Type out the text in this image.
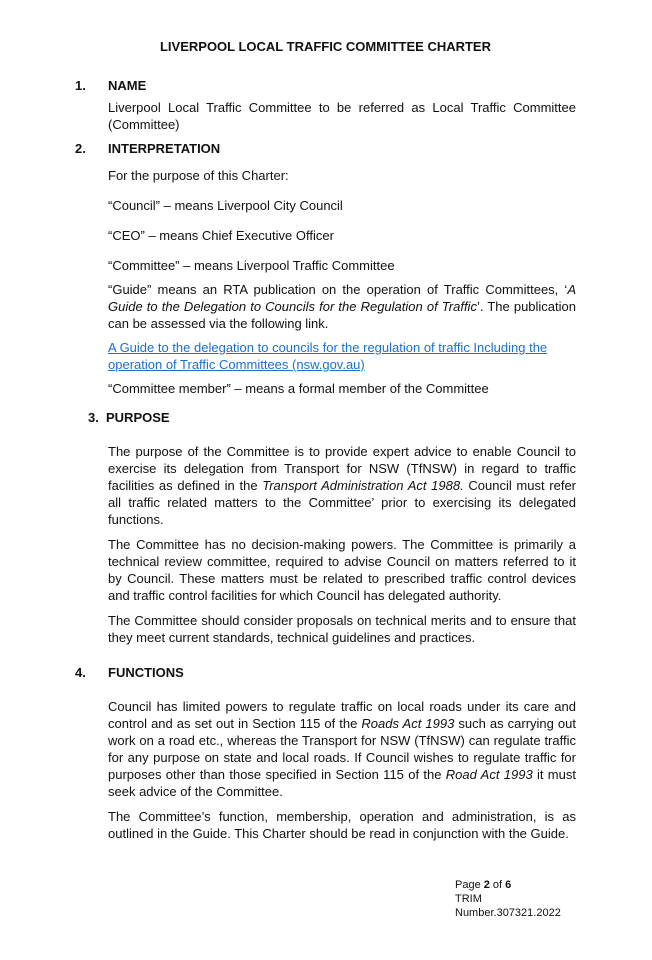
LIVERPOOL LOCAL TRAFFIC COMMITTEE CHARTER
1.	NAME
Liverpool Local Traffic Committee to be referred as Local Traffic Committee (Committee)
2.	INTERPRETATION
For the purpose of this Charter:
“Council” – means Liverpool City Council
“CEO” – means Chief Executive Officer
“Committee” – means Liverpool Traffic Committee
“Guide” means an RTA publication on the operation of Traffic Committees, ‘A Guide to the Delegation to Councils for the Regulation of Traffic’. The publication can be assessed via the following link.
A Guide to the delegation to councils for the regulation of traffic Including the operation of Traffic Committees (nsw.gov.au)
“Committee member” – means a formal member of the Committee
3. PURPOSE
The purpose of the Committee is to provide expert advice to enable Council to exercise its delegation from Transport for NSW (TfNSW) in regard to traffic facilities as defined in the Transport Administration Act 1988. Council must refer all traffic related matters to the Committee’ prior to exercising its delegated functions.
The Committee has no decision-making powers. The Committee is primarily a technical review committee, required to advise Council on matters referred to it by Council. These matters must be related to prescribed traffic control devices and traffic control facilities for which Council has delegated authority.
The Committee should consider proposals on technical merits and to ensure that they meet current standards, technical guidelines and practices.
4.	FUNCTIONS
Council has limited powers to regulate traffic on local roads under its care and control and as set out in Section 115 of the Roads Act 1993 such as carrying out work on a road etc., whereas the Transport for NSW (TfNSW) can regulate traffic for any purpose on state and local roads. If Council wishes to regulate traffic for purposes other than those specified in Section 115 of the Road Act 1993 it must seek advice of the Committee.
The Committee’s function, membership, operation and administration, is as outlined in the Guide. This Charter should be read in conjunction with the Guide.
Page 2 of 6
TRIM Number.307321.2022
